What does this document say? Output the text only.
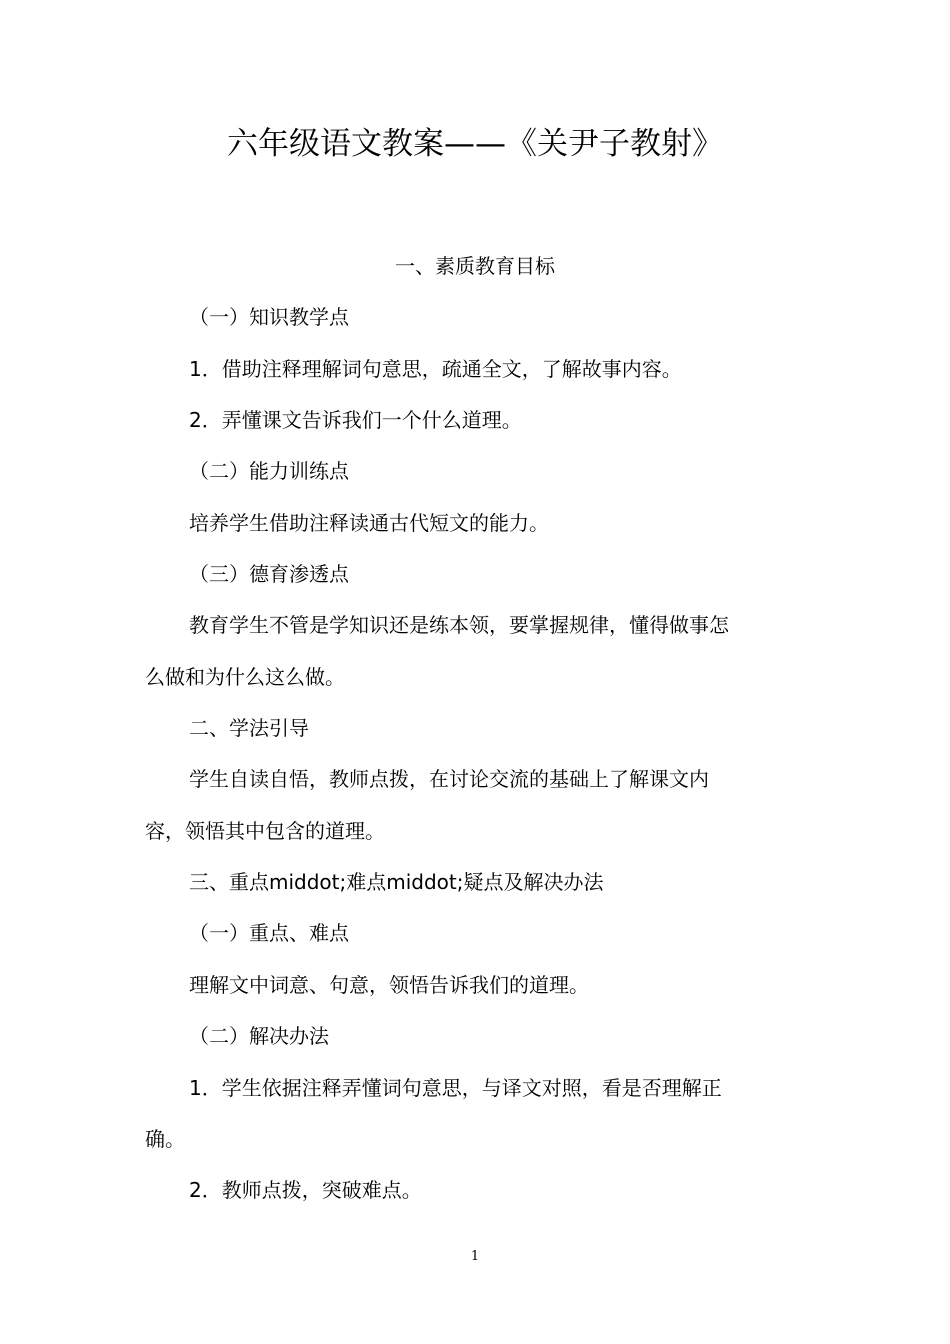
六年级语文教案——《关尹子教射》

一、素质教育目标

（一）知识教学点

1．借助注释理解词句意思，疏通全文，了解故事内容。

2．弄懂课文告诉我们一个什么道理。

（二）能力训练点

培养学生借助注释读通古代短文的能力。

（三）德育渗透点

教育学生不管是学知识还是练本领，要掌握规律，懂得做事怎

么做和为什么这么做。

二、学法引导

学生自读自悟，教师点拨，在讨论交流的基础上了解课文内

容，领悟其中包含的道理。

三、重点middot;难点middot;疑点及解决办法

（一）重点、难点

理解文中词意、句意，领悟告诉我们的道理。

（二）解决办法

1．学生依据注释弄懂词句意思，与译文对照，看是否理解正

确。

2．教师点拨，突破难点。

1
